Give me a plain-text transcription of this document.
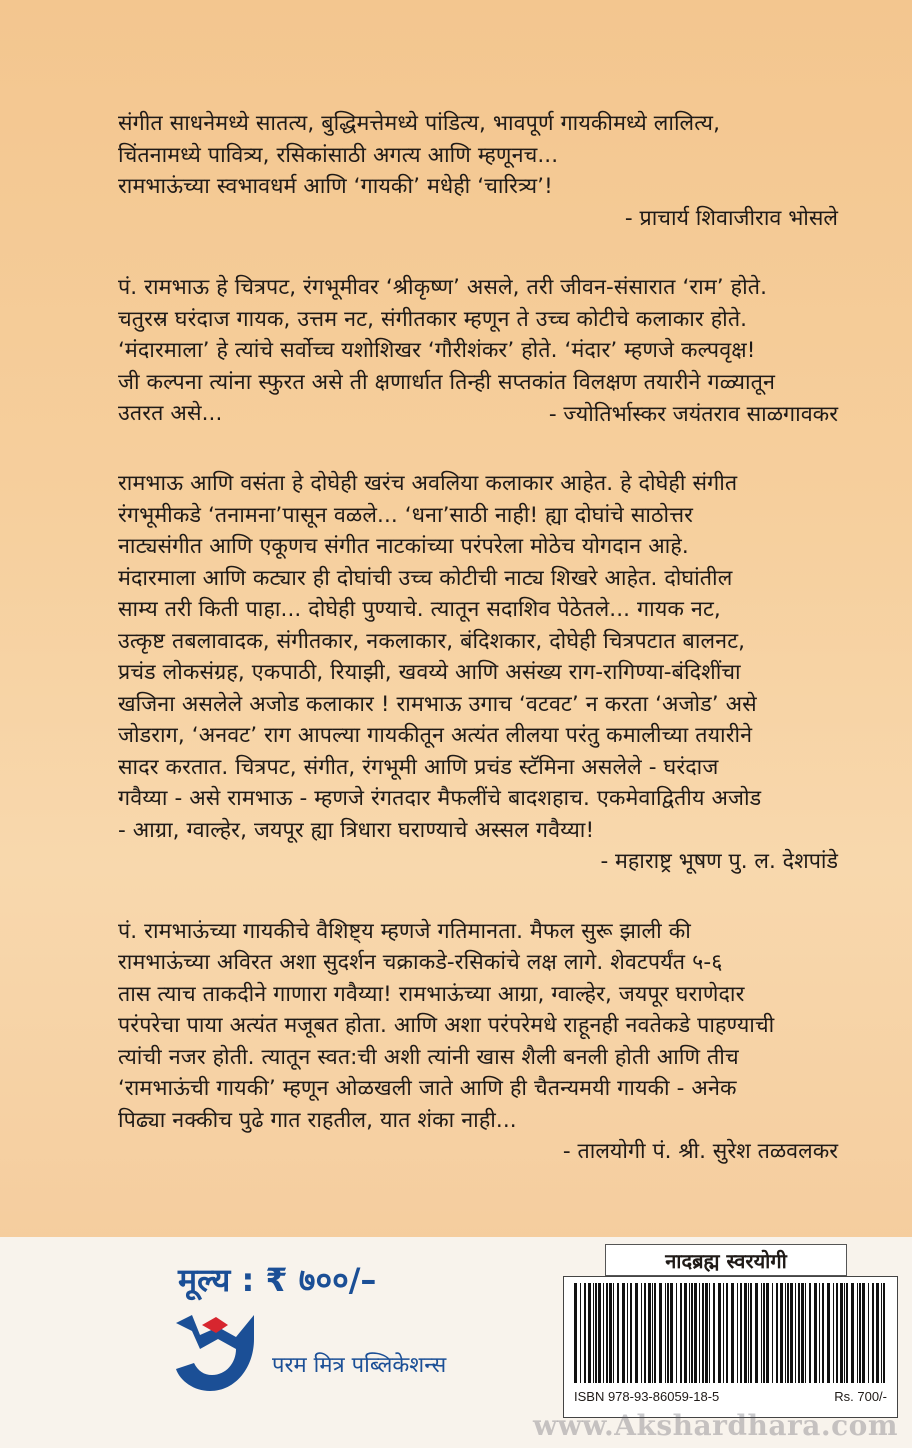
संगीत साधनेमध्ये सातत्य, बुद्धिमत्तेमध्ये पांडित्य, भावपूर्ण गायकीमध्ये लालित्य,
चिंतनामध्ये पावित्र्य, रसिकांसाठी अगत्य आणि म्हणूनच...
रामभाऊंच्या स्वभावधर्म आणि ‘गायकी’ मधेही ‘चारित्र्य’!

- प्राचार्य शिवाजीराव भोसले

पं. रामभाऊ हे चित्रपट, रंगभूमीवर ‘श्रीकृष्ण’ असले, तरी जीवन-संसारात ‘राम’ होते.
चतुरस्र घरंदाज गायक, उत्तम नट, संगीतकार म्हणून ते उच्च कोटीचे कलाकार होते.
‘मंदारमाला’ हे त्यांचे सर्वोच्च यशोशिखर ‘गौरीशंकर’ होते. ‘मंदार’ म्हणजे कल्पवृक्ष!
जी कल्पना त्यांना स्फुरत असे ती क्षणार्धात तिन्ही सप्तकांत विलक्षण तयारीने गळ्यातून
उतरत असे...	- ज्योतिर्भास्कर जयंतराव साळगावकर

रामभाऊ आणि वसंता हे दोघेही खरंच अवलिया कलाकार आहेत. हे दोघेही संगीत
रंगभूमीकडे ‘तनामना’पासून वळले... ‘धना’साठी नाही! ह्या दोघांचे साठोत्तर
नाट्यसंगीत आणि एकूणच संगीत नाटकांच्या परंपरेला मोठेच योगदान आहे.
मंदारमाला आणि कट्यार ही दोघांची उच्च कोटीची नाट्य शिखरे आहेत. दोघांतील
साम्य तरी किती पाहा... दोघेही पुण्याचे. त्यातून सदाशिव पेठेतले... गायक नट,
उत्कृष्ट तबलावादक, संगीतकार, नकलाकार, बंदिशकार, दोघेही चित्रपटात बालनट,
प्रचंड लोकसंग्रह, एकपाठी, रियाझी, खवय्ये आणि असंख्य राग-रागिण्या-बंदिशींचा
खजिना असलेले अजोड कलाकार ! रामभाऊ उगाच ‘वटवट’ न करता ‘अजोड’ असे
जोडराग, ‘अनवट’ राग आपल्या गायकीतून अत्यंत लीलया परंतु कमालीच्या तयारीने
सादर करतात. चित्रपट, संगीत, रंगभूमी आणि प्रचंड स्टॅमिना असलेले - घरंदाज
गवैय्या - असे रामभाऊ - म्हणजे रंगतदार मैफलींचे बादशहाच. एकमेवाद्वितीय अजोड
- आग्रा, ग्वाल्हेर, जयपूर ह्या त्रिधारा घराण्याचे अस्सल गवैय्या!

- महाराष्ट्र भूषण पु. ल. देशपांडे

पं. रामभाऊंच्या गायकीचे वैशिष्ट्य म्हणजे गतिमानता. मैफल सुरू झाली की
रामभाऊंच्या अविरत अशा सुदर्शन चक्राकडे-रसिकांचे लक्ष लागे. शेवटपर्यंत ५-६
तास त्याच ताकदीने गाणारा गवैय्या! रामभाऊंच्या आग्रा, ग्वाल्हेर, जयपूर घराणेदार
परंपरेचा पाया अत्यंत मजूबत होता. आणि अशा परंपरेमधे राहूनही नवतेकडे पाहण्याची
त्यांची नजर होती. त्यातून स्वत:ची अशी त्यांनी खास शैली बनली होती आणि तीच
‘रामभाऊंची गायकी’ म्हणून ओळखली जाते आणि ही चैतन्यमयी गायकी - अनेक
पिढ्या नक्कीच पुढे गात राहतील, यात शंका नाही...

- तालयोगी पं. श्री. सुरेश तळवलकर
मूल्य : ₹ ७००/–
परम मित्र पब्लिकेशन्स
नादब्रह्म स्वरयोगी
ISBN 978-93-86059-18-5	Rs. 700/-
www.Akshardhara.com
